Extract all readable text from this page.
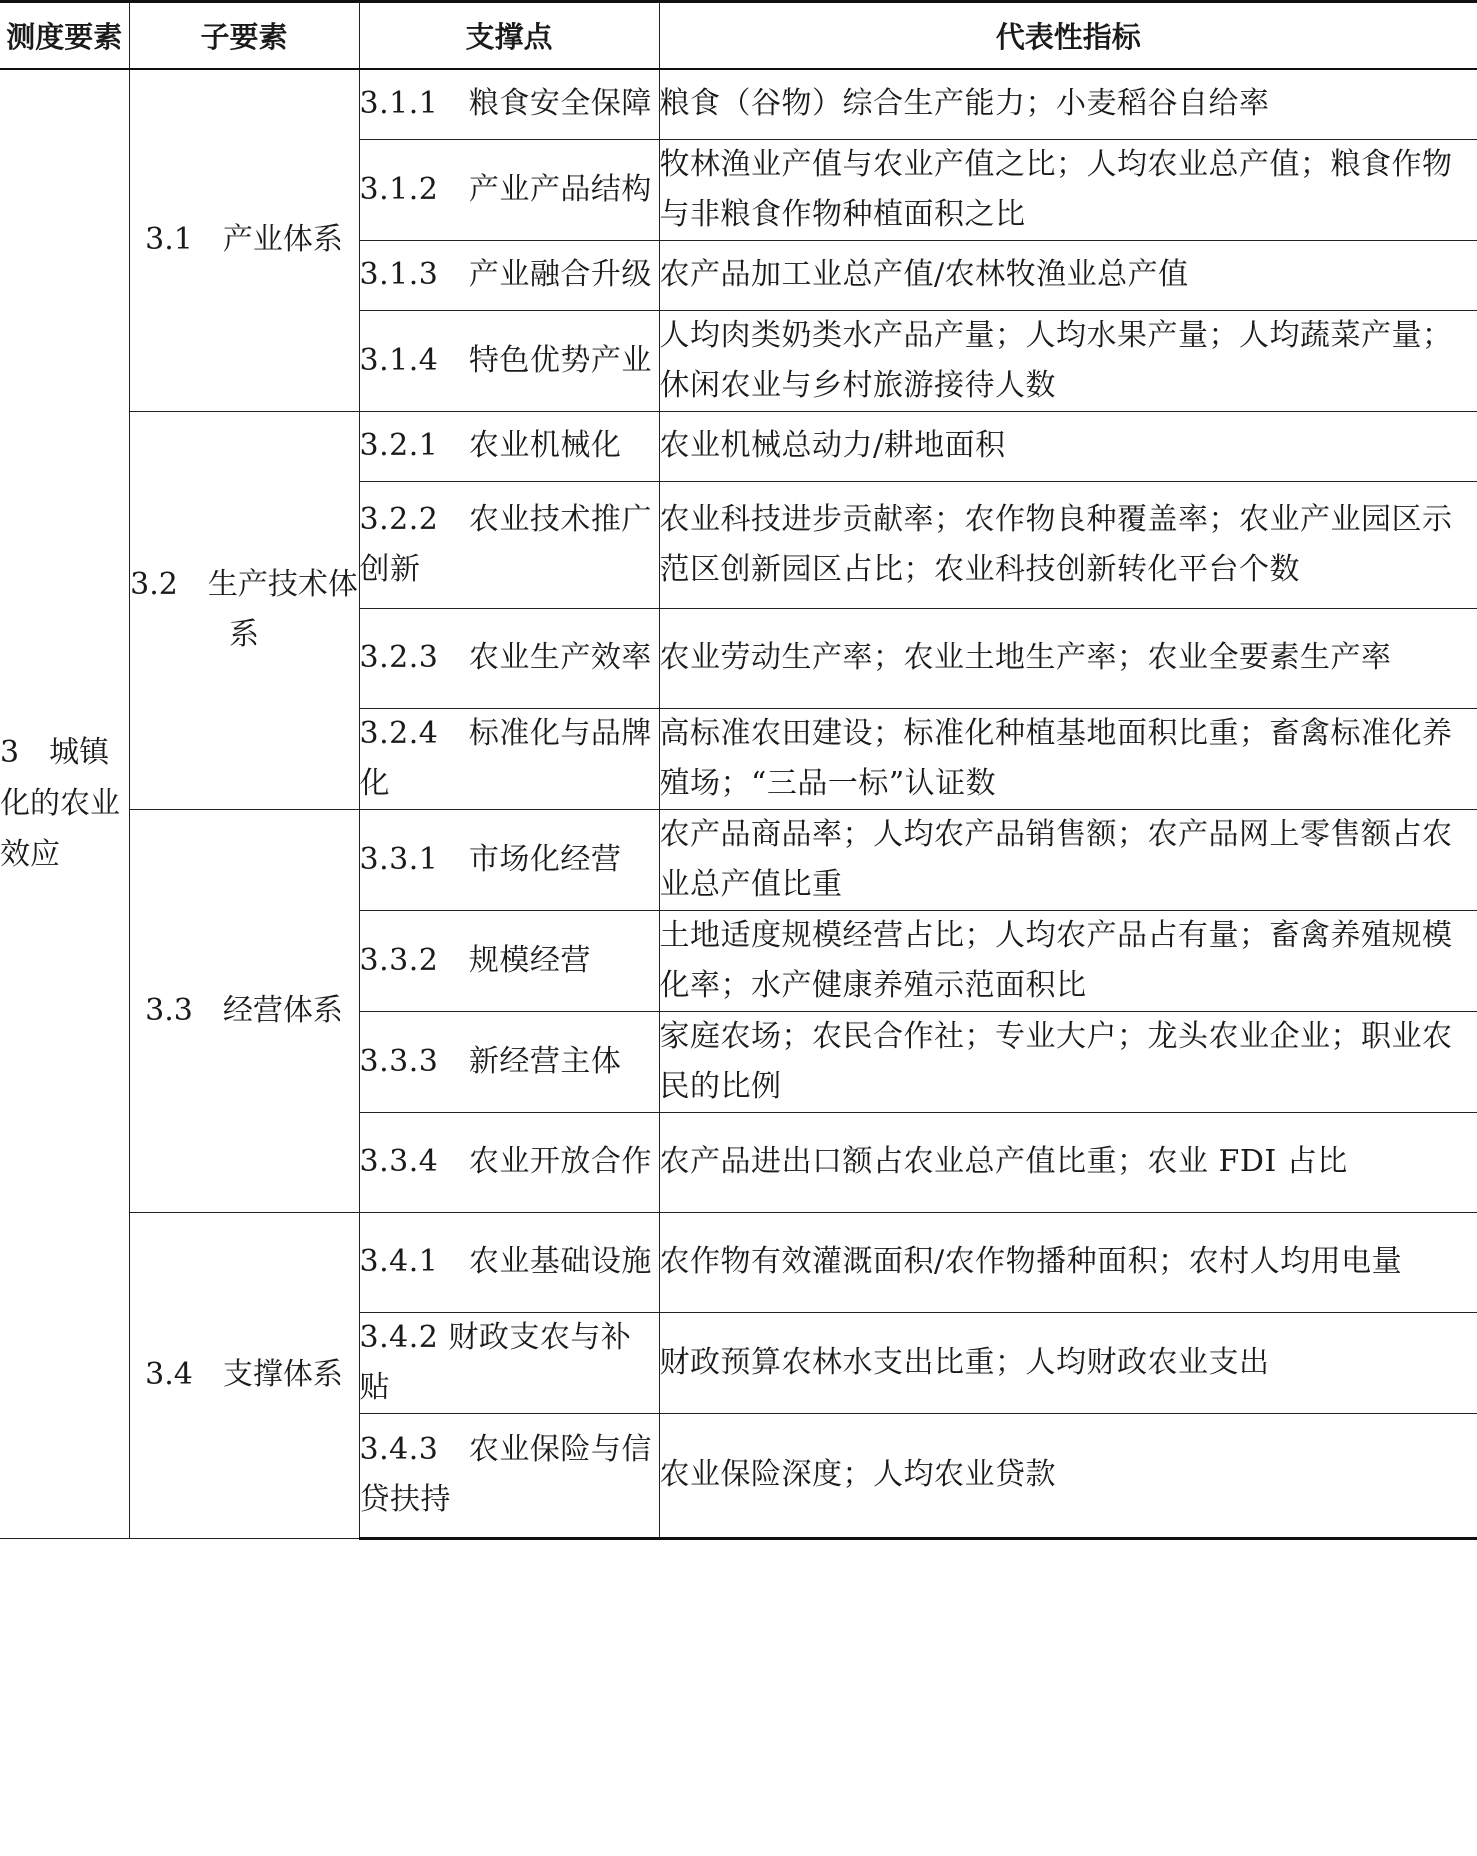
测度要素	子要素	支撑点	代表性指标
3　城镇化的农业效应	3.1　产业体系	3.1.1　粮食安全保障	粮食（谷物）综合生产能力；小麦稻谷自给率
		3.1.2　产业产品结构	牧林渔业产值与农业产值之比；人均农业总产值；粮食作物与非粮食作物种植面积之比
		3.1.3　产业融合升级	农产品加工业总产值/农林牧渔业总产值
		3.1.4　特色优势产业	人均肉类奶类水产品产量；人均水果产量；人均蔬菜产量；休闲农业与乡村旅游接待人数
	3.2　生产技术体系	3.2.1　农业机械化	农业机械总动力/耕地面积
		3.2.2　农业技术推广创新	农业科技进步贡献率；农作物良种覆盖率；农业产业园区示范区创新园区占比；农业科技创新转化平台个数
		3.2.3　农业生产效率	农业劳动生产率；农业土地生产率；农业全要素生产率
		3.2.4　标准化与品牌化	高标准农田建设；标准化种植基地面积比重；畜禽标准化养殖场；“三品一标”认证数
	3.3　经营体系	3.3.1　市场化经营	农产品商品率；人均农产品销售额；农产品网上零售额占农业总产值比重
		3.3.2　规模经营	土地适度规模经营占比；人均农产品占有量；畜禽养殖规模化率；水产健康养殖示范面积比
		3.3.3　新经营主体	家庭农场；农民合作社；专业大户；龙头农业企业；职业农民的比例
		3.3.4　农业开放合作	农产品进出口额占农业总产值比重；农业 FDI 占比
	3.4　支撑体系	3.4.1　农业基础设施	农作物有效灌溉面积/农作物播种面积；农村人均用电量
		3.4.2 财政支农与补贴	财政预算农林水支出比重；人均财政农业支出
		3.4.3　农业保险与信贷扶持	农业保险深度；人均农业贷款
